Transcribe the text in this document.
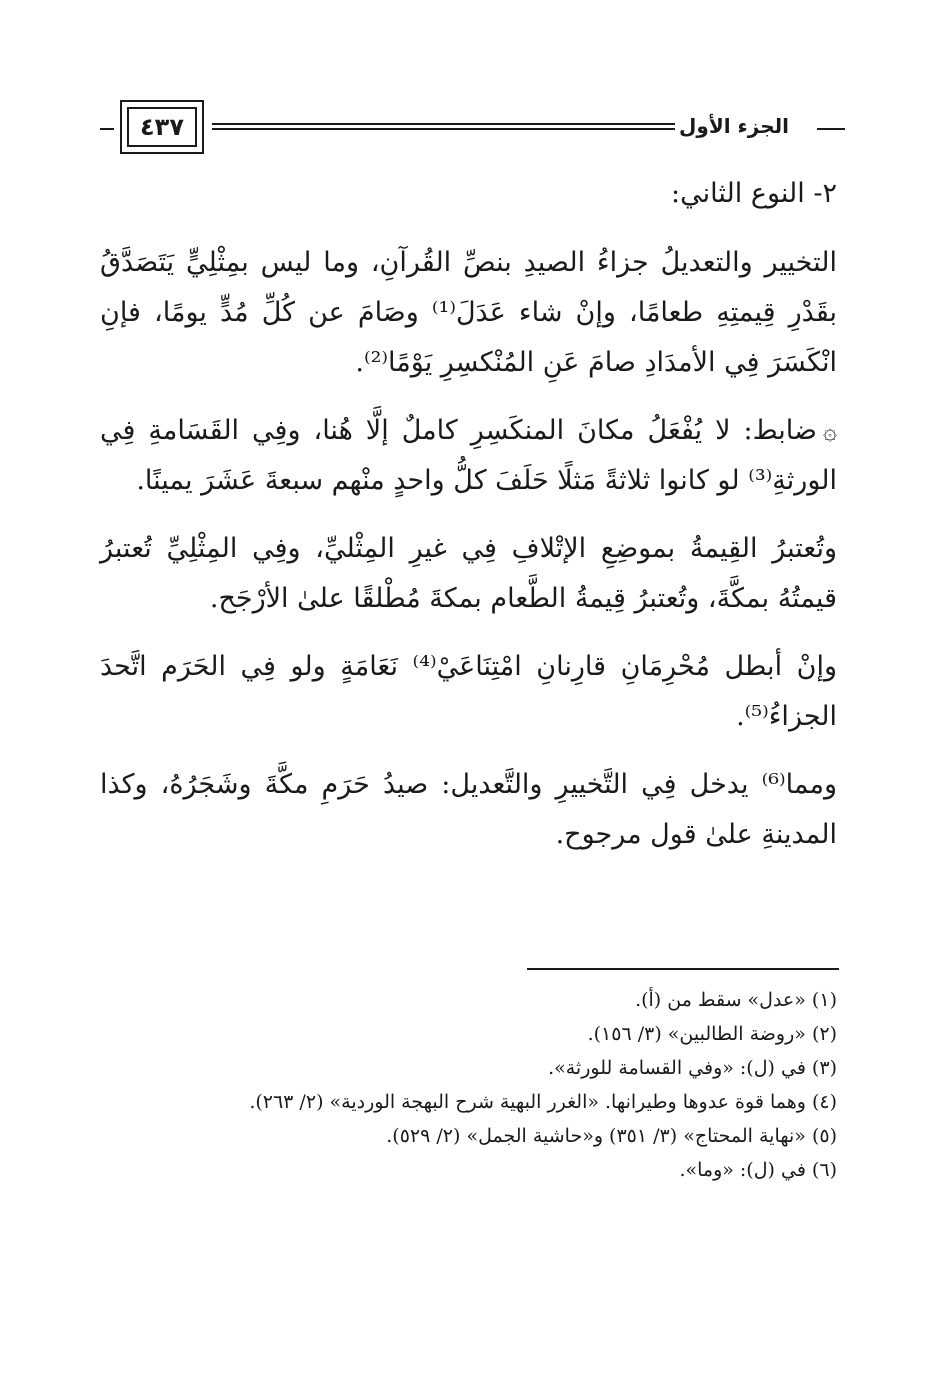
الجزء الأول
٤٣٧
٢- النوع الثاني:

التخيير والتعديلُ جزاءُ الصيدِ بنصِّ القُرآنِ، وما ليس بمِثْلِيٍّ يَتَصَدَّقُ بقَدْرِ قِيمتِهِ طعامًا، وإنْ شاء عَدَلَ⁽¹⁾ وصَامَ عن كُلِّ مُدٍّ يومًا، فإنِ انْكَسَرَ فِي الأمدَادِ صامَ عَنِ المُنْكسِرِ يَوْمًا⁽²⁾.

۞ضابط: لا يُفْعَلُ مكانَ المنكَسِرِ كاملٌ إلَّا هُنا، وفِي القَسَامةِ فِي الورثةِ⁽³⁾ لو كانوا ثلاثةً مَثلًا حَلَفَ كلُّ واحدٍ منْهم سبعةَ عَشَرَ يمينًا.

وتُعتبرُ القِيمةُ بموضِعِ الإتْلافِ فِي غيرِ المِثْليِّ، وفِي المِثْلِيِّ تُعتبرُ قيمتُهُ بمكَّةَ، وتُعتبرُ قِيمةُ الطَّعام بمكةَ مُطْلقًا علىٰ الأرْجَح.

وإنْ أبطل مُحْرِمَانِ قارِنانِ امْتِنَاعَيْ⁽⁴⁾ نَعَامَةٍ ولو فِي الحَرَم اتَّحدَ الجزاءُ⁽⁵⁾.

ومما⁽⁶⁾ يدخل فِي التَّخييرِ والتَّعديل: صيدُ حَرَمِ مكَّةَ وشَجَرُهُ، وكذا المدينةِ علىٰ قول مرجوح.

(١) «عدل» سقط من (أ).

(٢) «روضة الطالبين» (٣/ ١٥٦).

(٣) في (ل): «وفي القسامة للورثة».

(٤) وهما قوة عدوها وطيرانها. «الغرر البهية شرح البهجة الوردية» (٢/ ٢٦٣).

(٥) «نهاية المحتاج» (٣/ ٣٥١) و«حاشية الجمل» (٢/ ٥٢٩).

(٦) في (ل): «وما».
